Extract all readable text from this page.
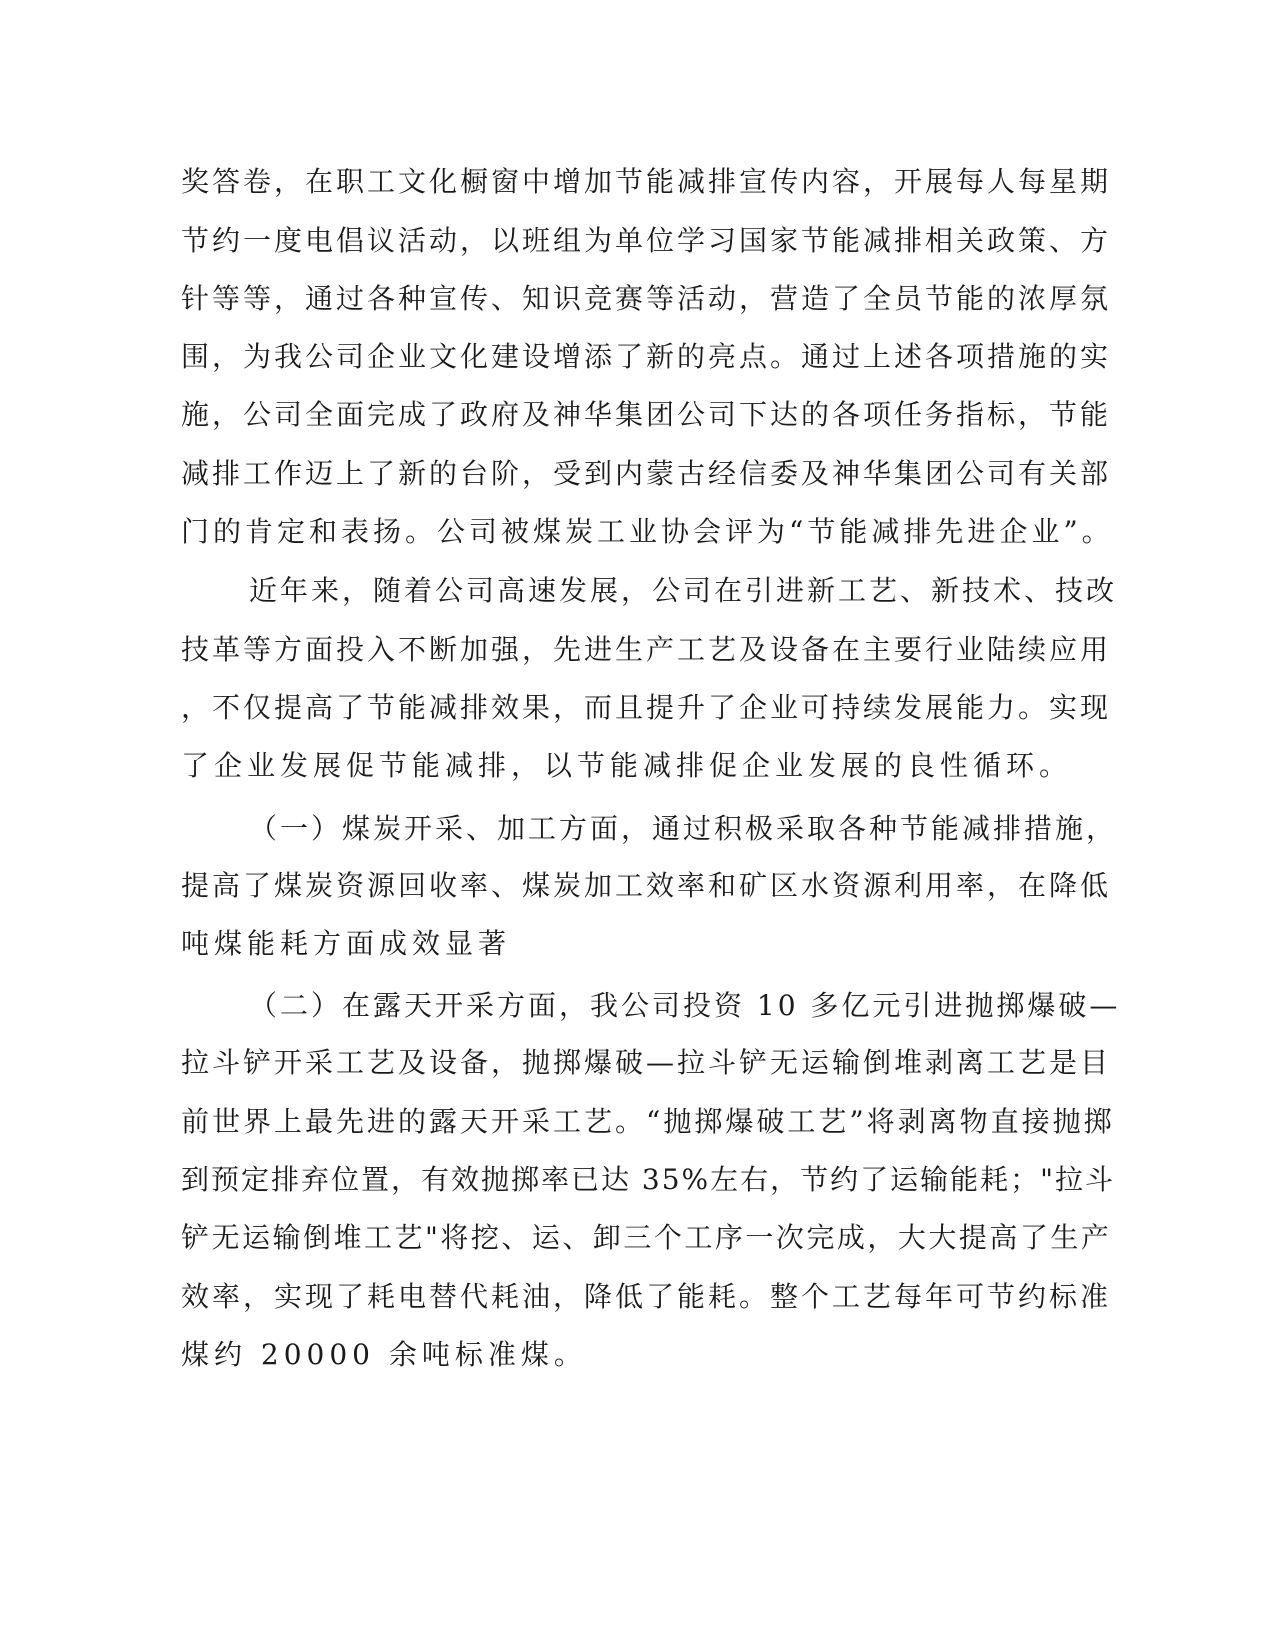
奖答卷，在职工文化橱窗中增加节能减排宣传内容，开展每人每星期
节约一度电倡议活动，以班组为单位学习国家节能减排相关政策、方
针等等，通过各种宣传、知识竞赛等活动，营造了全员节能的浓厚氛
围，为我公司企业文化建设增添了新的亮点。通过上述各项措施的实
施，公司全面完成了政府及神华集团公司下达的各项任务指标，节能
减排工作迈上了新的台阶，受到内蒙古经信委及神华集团公司有关部
门的肯定和表扬。公司被煤炭工业协会评为“节能减排先进企业”。
近年来，随着公司高速发展，公司在引进新工艺、新技术、技改
技革等方面投入不断加强，先进生产工艺及设备在主要行业陆续应用
，不仅提高了节能减排效果，而且提升了企业可持续发展能力。实现
了企业发展促节能减排，以节能减排促企业发展的良性循环。
（一）煤炭开采、加工方面，通过积极采取各种节能减排措施，
提高了煤炭资源回收率、煤炭加工效率和矿区水资源利用率，在降低
吨煤能耗方面成效显著
（二）在露天开采方面，我公司投资 10 多亿元引进抛掷爆破—
拉斗铲开采工艺及设备，抛掷爆破—拉斗铲无运输倒堆剥离工艺是目
前世界上最先进的露天开采工艺。“抛掷爆破工艺”将剥离物直接抛掷
到预定排弃位置，有效抛掷率已达 35%左右，节约了运输能耗；"拉斗
铲无运输倒堆工艺"将挖、运、卸三个工序一次完成，大大提高了生产
效率，实现了耗电替代耗油，降低了能耗。整个工艺每年可节约标准
煤约 20000 余吨标准煤。
